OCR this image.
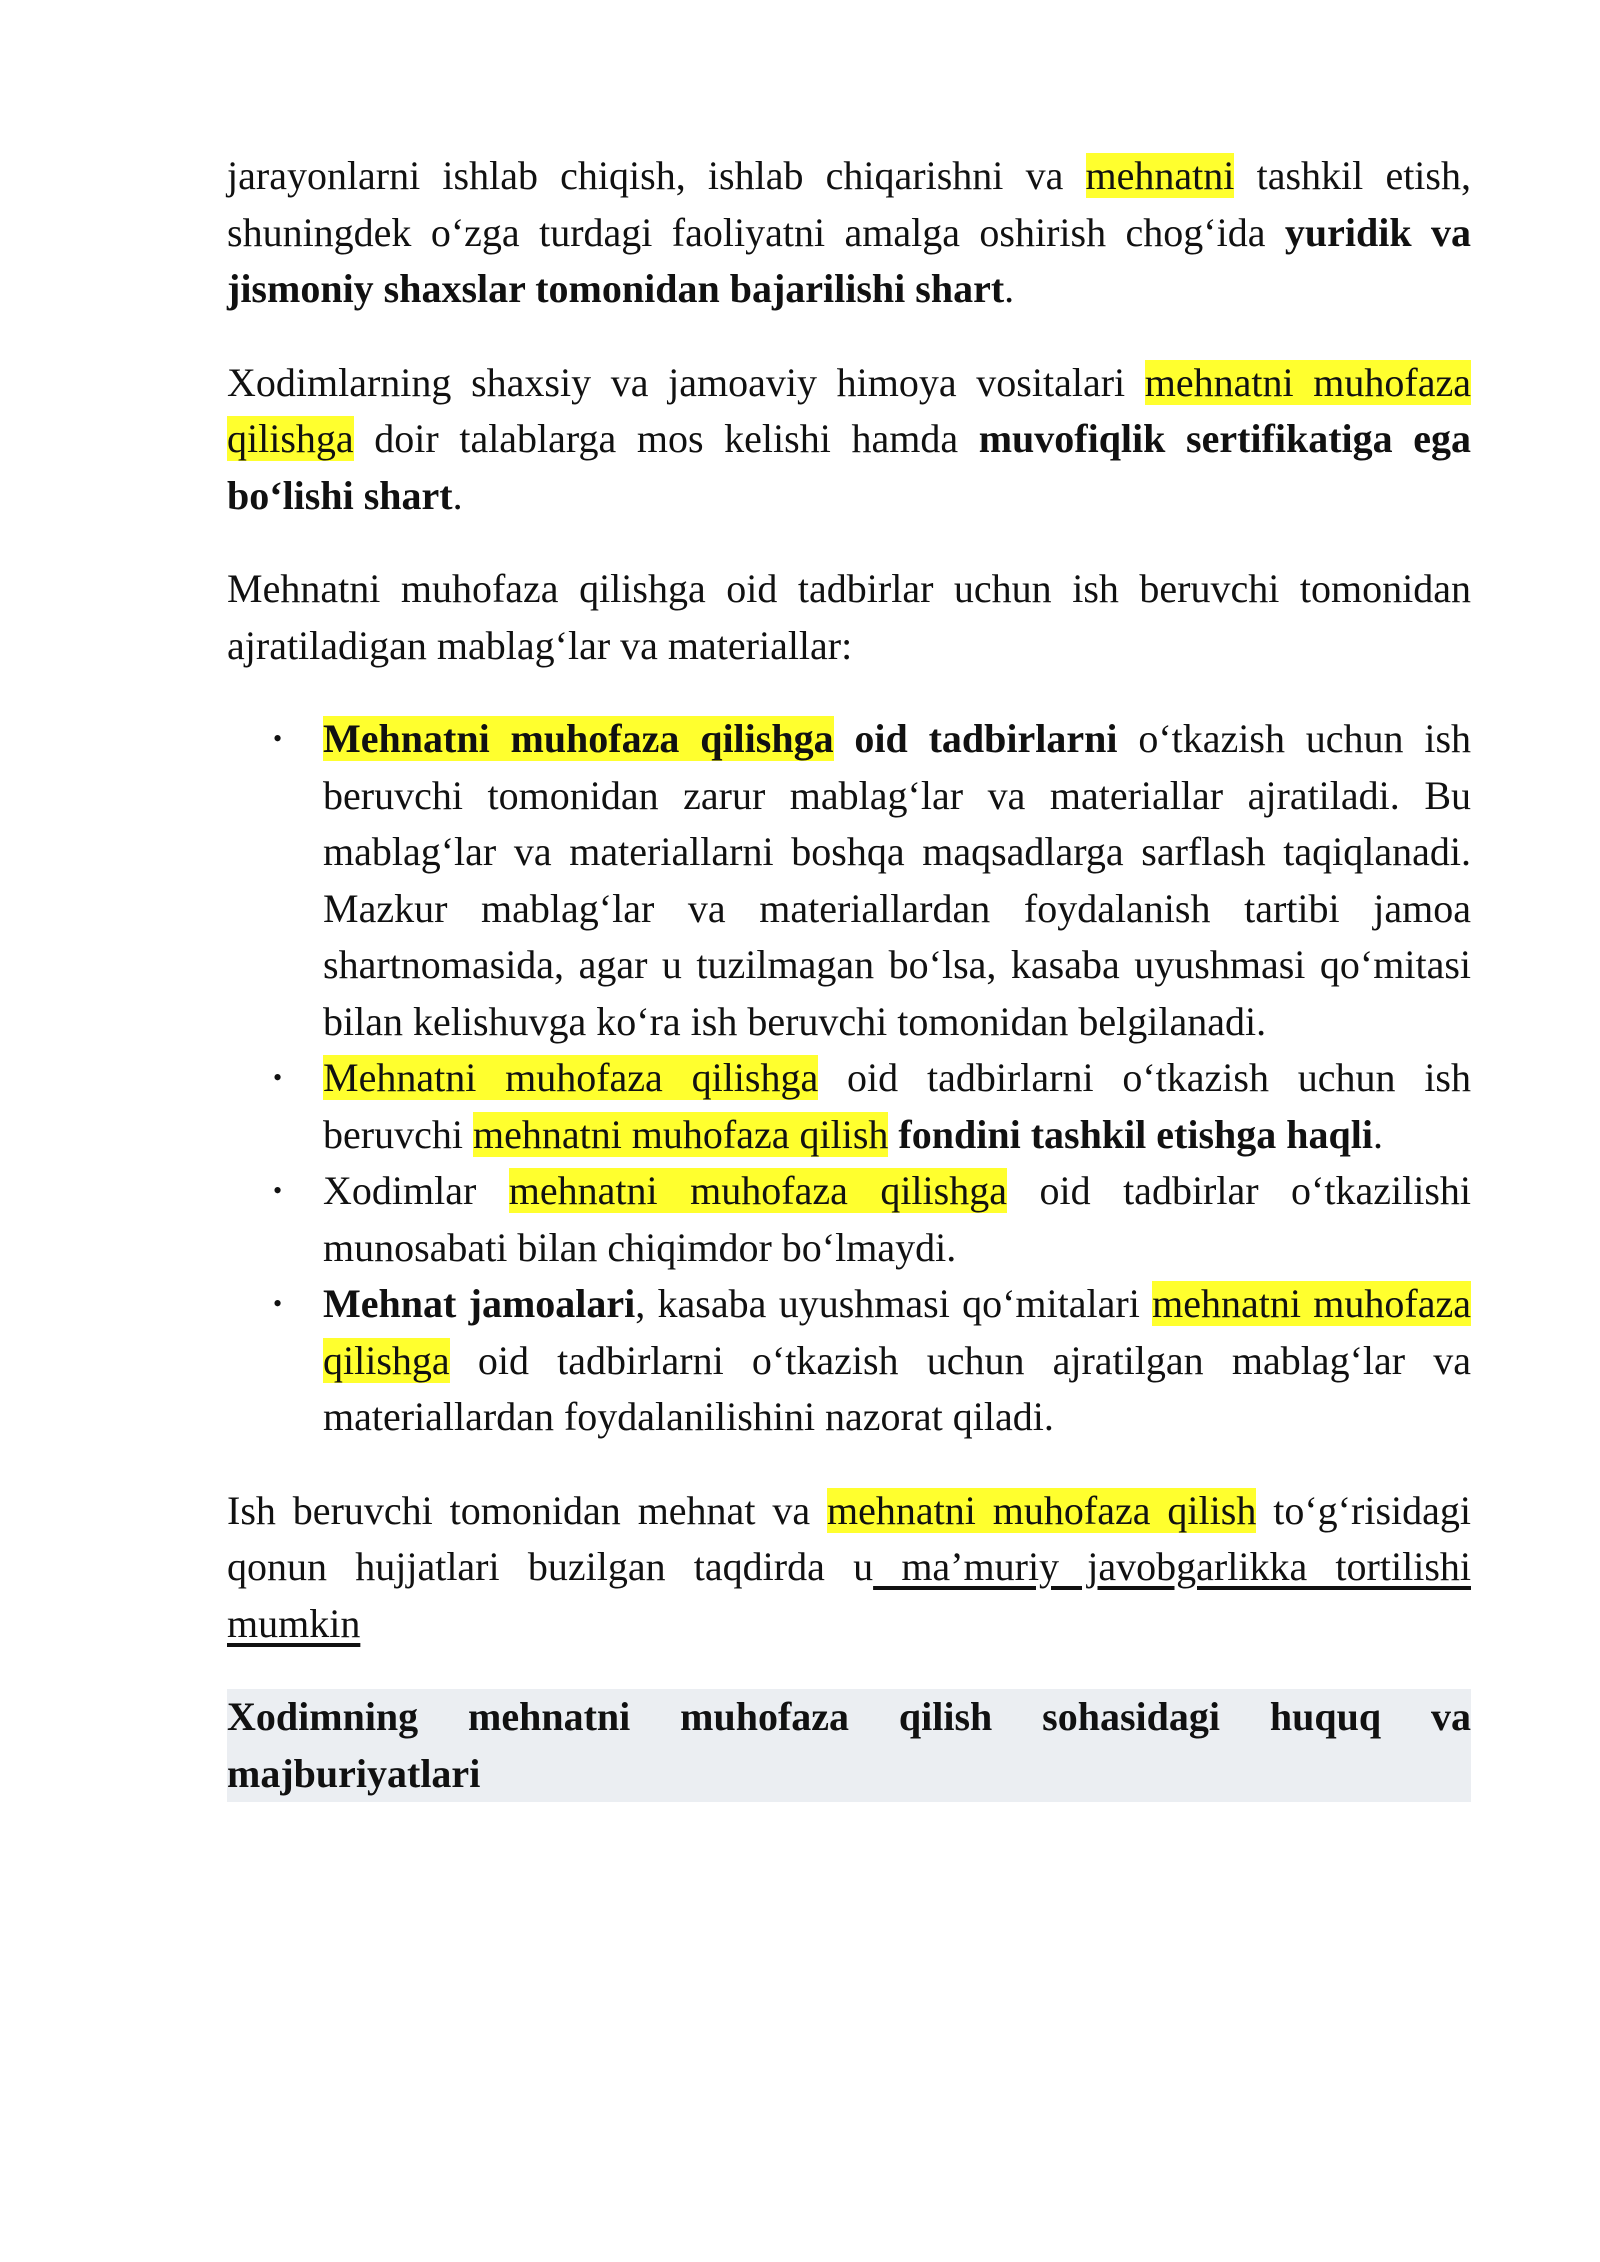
jarayonlarni ishlab chiqish, ishlab chiqarishni va mehnatni tashkil etish, shuningdek o‘zga turdagi faoliyatni amalga oshirish chog‘ida yuridik va jismoniy shaxslar tomonidan bajarilishi shart.

Xodimlarning shaxsiy va jamoaviy himoya vositalari mehnatni muhofaza qilishga doir talablarga mos kelishi hamda muvofiqlik sertifikatiga ega bo‘lishi shart.

Mehnatni muhofaza qilishga oid tadbirlar uchun ish beruvchi tomonidan ajratiladigan mablag‘lar va materiallar:

• Mehnatni muhofaza qilishga oid tadbirlarni o‘tkazish uchun ish beruvchi tomonidan zarur mablag‘lar va materiallar ajratiladi. Bu mablag‘lar va materiallarni boshqa maqsadlarga sarflash taqiqlanadi. Mazkur mablag‘lar va materiallardan foydalanish tartibi jamoa shartnomasida, agar u tuzilmagan bo‘lsa, kasaba uyushmasi qo‘mitasi bilan kelishuvga ko‘ra ish beruvchi tomonidan belgilanadi.
• Mehnatni muhofaza qilishga oid tadbirlarni o‘tkazish uchun ish beruvchi mehnatni muhofaza qilish fondini tashkil etishga haqli.
• Xodimlar mehnatni muhofaza qilishga oid tadbirlar o‘tkazilishi munosabati bilan chiqimdor bo‘lmaydi.
• Mehnat jamoalari, kasaba uyushmasi qo‘mitalari mehnatni muhofaza qilishga oid tadbirlarni o‘tkazish uchun ajratilgan mablag‘lar va materiallardan foydalanilishini nazorat qiladi.

Ish beruvchi tomonidan mehnat va mehnatni muhofaza qilish to‘g‘risidagi qonun hujjatlari buzilgan taqdirda u ma’muriy javobgarlikka tortilishi mumkin

Xodimning mehnatni muhofaza qilish sohasidagi huquq va majburiyatlari
